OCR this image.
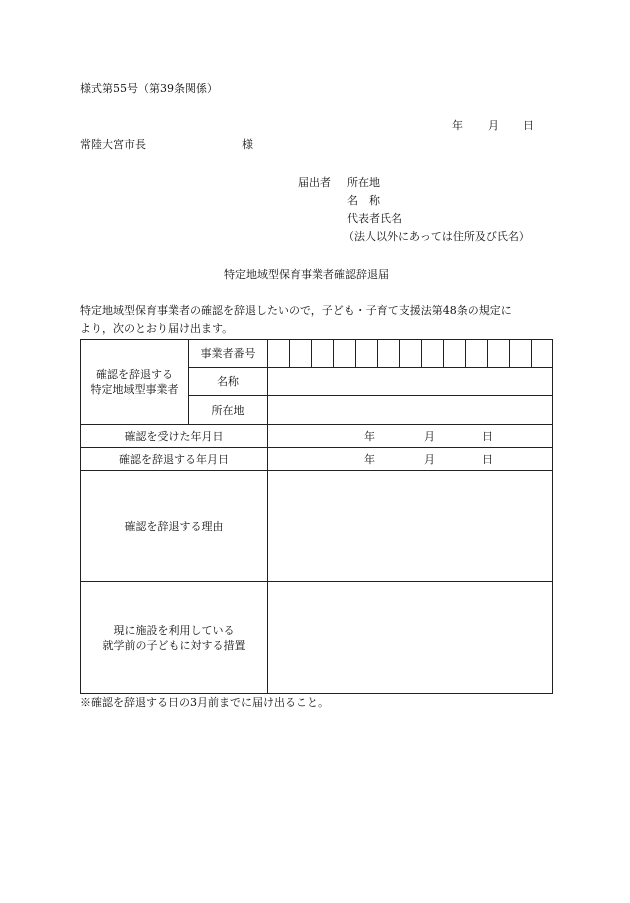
様式第55号（第39条関係）
年 月 日
常陸大宮市長	様
届出者 所在地
名　称
代表者氏名
（法人以外にあっては住所及び氏名）
特定地域型保育事業者確認辞退届
特定地域型保育事業者の確認を辞退したいので，子ども・子育て支援法第48条の規定に
より，次のとおり届け出ます。
確認を辞退する
特定地域型事業者	事業者番号													
	名称													
	所在地													
確認を受けた年月日		年 月 日												
確認を辞退する年月日		年 月 日												
確認を辞退する理由														

現に施設を利用している
就学前の子どもに対する措置														

※確認を辞退する日の3月前までに届け出ること。
